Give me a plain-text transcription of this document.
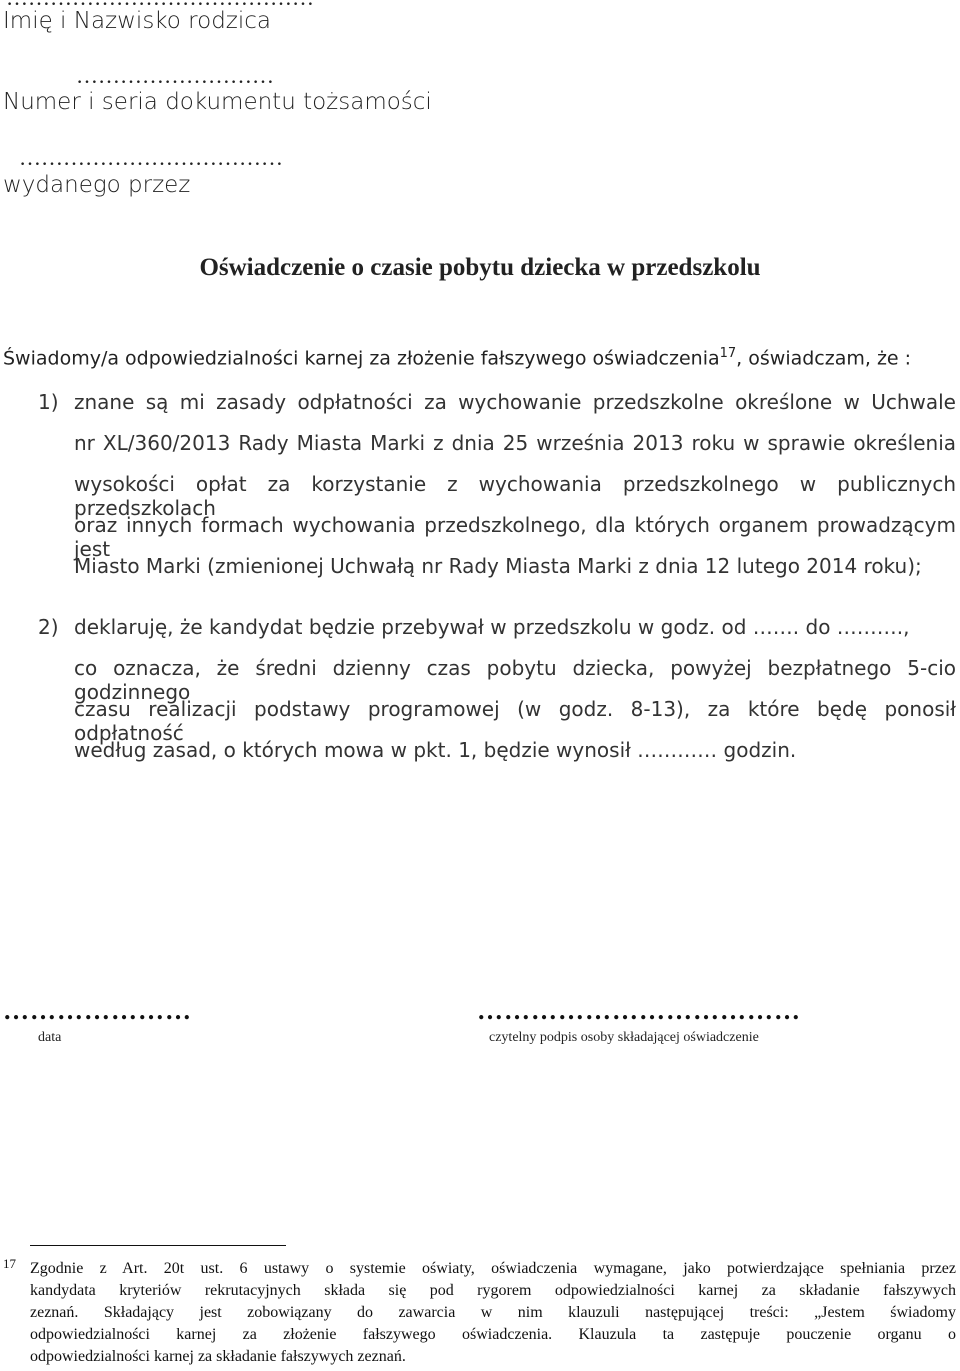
Imię i Nazwisko rodzica
………………………
Numer i seria dokumentu tożsamości
………………………………
wydanego przez
Oświadczenie o czasie pobytu dziecka w przedszkolu
Świadomy/a odpowiedzialności karnej za złożenie fałszywego oświadczenia$^{17}$, oświadczam, że :
1) znane są mi zasady odpłatności za wychowanie przedszkolne określone w Uchwale
nr XL/360/2013 Rady Miasta Marki z dnia 25 września 2013 roku w sprawie określenia
wysokości opłat za korzystanie z wychowania przedszkolnego w publicznych przedszkolach
oraz innych formach wychowania przedszkolnego, dla których organem prowadzącym jest
Miasto Marki (zmienionej Uchwałą nr Rady Miasta Marki z dnia 12 lutego 2014 roku);
2) deklaruję, że kandydat będzie przebywał w przedszkolu w godz. od ……. do ……….,
co oznacza, że średni dzienny czas pobytu dziecka, powyżej bezpłatnego 5-cio godzinnego
czasu realizacji podstawy programowej (w godz. 8-13), za które będę ponosił odpłatność
według zasad, o których mowa w pkt. 1, będzie wynosił ………… godzin.
…………………
data
………………………………
czytelny podpis osoby składającej oświadczenie
$^{17}$ Zgodnie z Art. 20t ust. 6 ustawy o systemie oświaty, oświadczenia wymagane, jako potwierdzające spełniania przez
kandydata kryteriów rekrutacyjnych składa się pod rygorem odpowiedzialności karnej za składanie fałszywych
zeznań. Składający jest zobowiązany do zawarcia w nim klauzuli następującej treści: „Jestem świadomy
odpowiedzialności karnej za złożenie fałszywego oświadczenia. Klauzula ta zastępuje pouczenie organu o
odpowiedzialności karnej za składanie fałszywych zeznań.
